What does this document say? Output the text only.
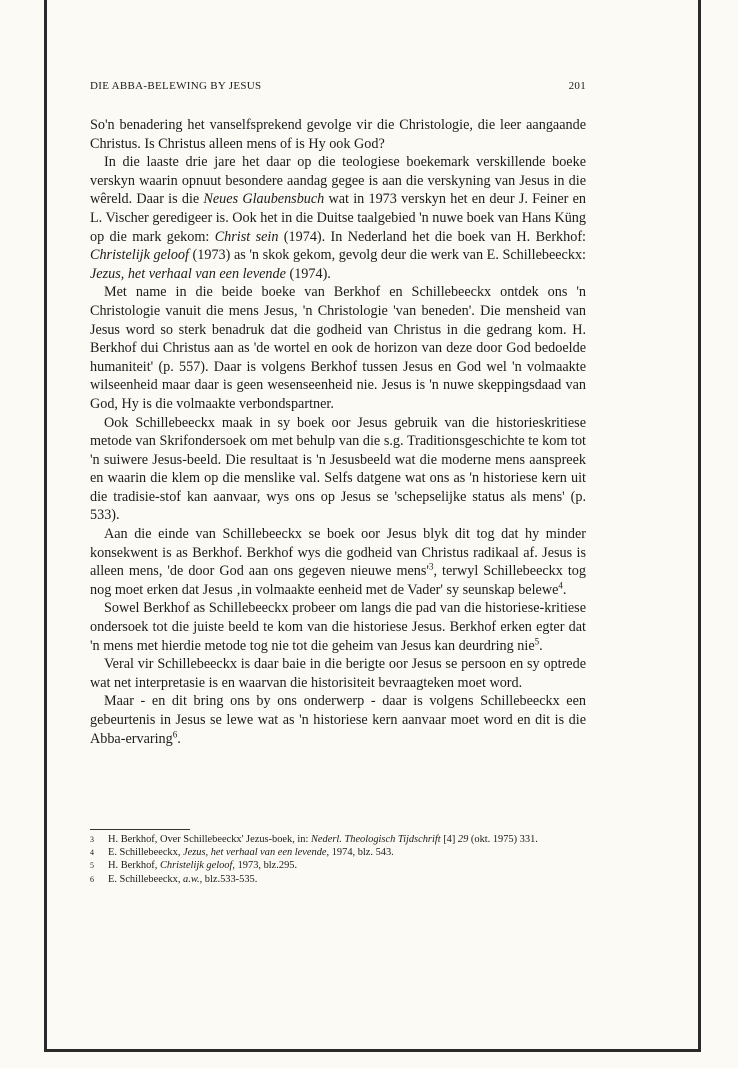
DIE ABBA-BELEWING BY JESUS	201

So'n benadering het vanselfsprekend gevolge vir die Christologie, die leer aangaande Christus. Is Christus alleen mens of is Hy ook God?

In die laaste drie jare het daar op die teologiese boekemark verskillende boeke verskyn waarin opnuut besondere aandag gegee is aan die verskyning van Jesus in die wêreld. Daar is die Neues Glaubensbuch wat in 1973 verskyn het en deur J. Feiner en L. Vischer geredigeer is. Ook het in die Duitse taalgebied 'n nuwe boek van Hans Küng op die mark gekom: Christ sein (1974). In Nederland het die boek van H. Berkhof: Christelijk geloof (1973) as 'n skok gekom, gevolg deur die werk van E. Schillebeeckx: Jezus, het verhaal van een levende (1974).

Met name in die beide boeke van Berkhof en Schillebeeckx ontdek ons 'n Christologie vanuit die mens Jesus, 'n Christologie 'van beneden'. Die mensheid van Jesus word so sterk benadruk dat die godheid van Christus in die gedrang kom. H. Berkhof dui Christus aan as 'de wortel en ook de horizon van deze door God bedoelde humaniteit' (p. 557). Daar is volgens Berkhof tussen Jesus en God wel 'n volmaakte wilseenheid maar daar is geen wesenseenheid nie. Jesus is 'n nuwe skeppingsdaad van God, Hy is die volmaakte verbondspartner.

Ook Schillebeeckx maak in sy boek oor Jesus gebruik van die historieskritiese metode van Skrifondersoek om met behulp van die s.g. Traditionsgeschichte te kom tot 'n suiwere Jesus-beeld. Die resultaat is 'n Jesusbeeld wat die moderne mens aanspreek en waarin die klem op die menslike val. Selfs datgene wat ons as 'n historiese kern uit die tradisie-stof kan aanvaar, wys ons op Jesus se 'schepselijke status als mens' (p. 533).

Aan die einde van Schillebeeckx se boek oor Jesus blyk dit tog dat hy minder konsekwent is as Berkhof. Berkhof wys die godheid van Christus radikaal af. Jesus is alleen mens, 'de door God aan ons gegeven nieuwe $mens'^3$, terwyl Schillebeeckx tog nog moet erken dat Jesus ‚in volmaakte eenheid met de Vader' sy seunskap belewe$^4$.

Sowel Berkhof as Schillebeeckx probeer om langs die pad van die historiese-kritiese ondersoek tot die juiste beeld te kom van die historiese Jesus. Berkhof erken egter dat 'n mens met hierdie metode tog nie tot die geheim van Jesus kan deurdring nie$^5$.

Veral vir Schillebeeckx is daar baie in die berigte oor Jesus se persoon en sy optrede wat net interpretasie is en waarvan die historisiteit bevraagteken moet word.

Maar - en dit bring ons by ons onderwerp - daar is volgens Schillebeeckx een gebeurtenis in Jesus se lewe wat as 'n historiese kern aanvaar moet word en dit is die Abba-ervaring$^6$.

3 H. Berkhof, Over Schillebeeckx' Jezus-boek, in: Nederl. Theologisch Tijdschrift [4] 29 (okt. 1975) 331.
4 E. Schillebeeckx, Jezus, het verhaal van een levende, 1974, blz. 543.
5 H. Berkhof, Christelijk geloof, 1973, blz.295.
6 E. Schillebeeckx, a.w., blz.533-535.
